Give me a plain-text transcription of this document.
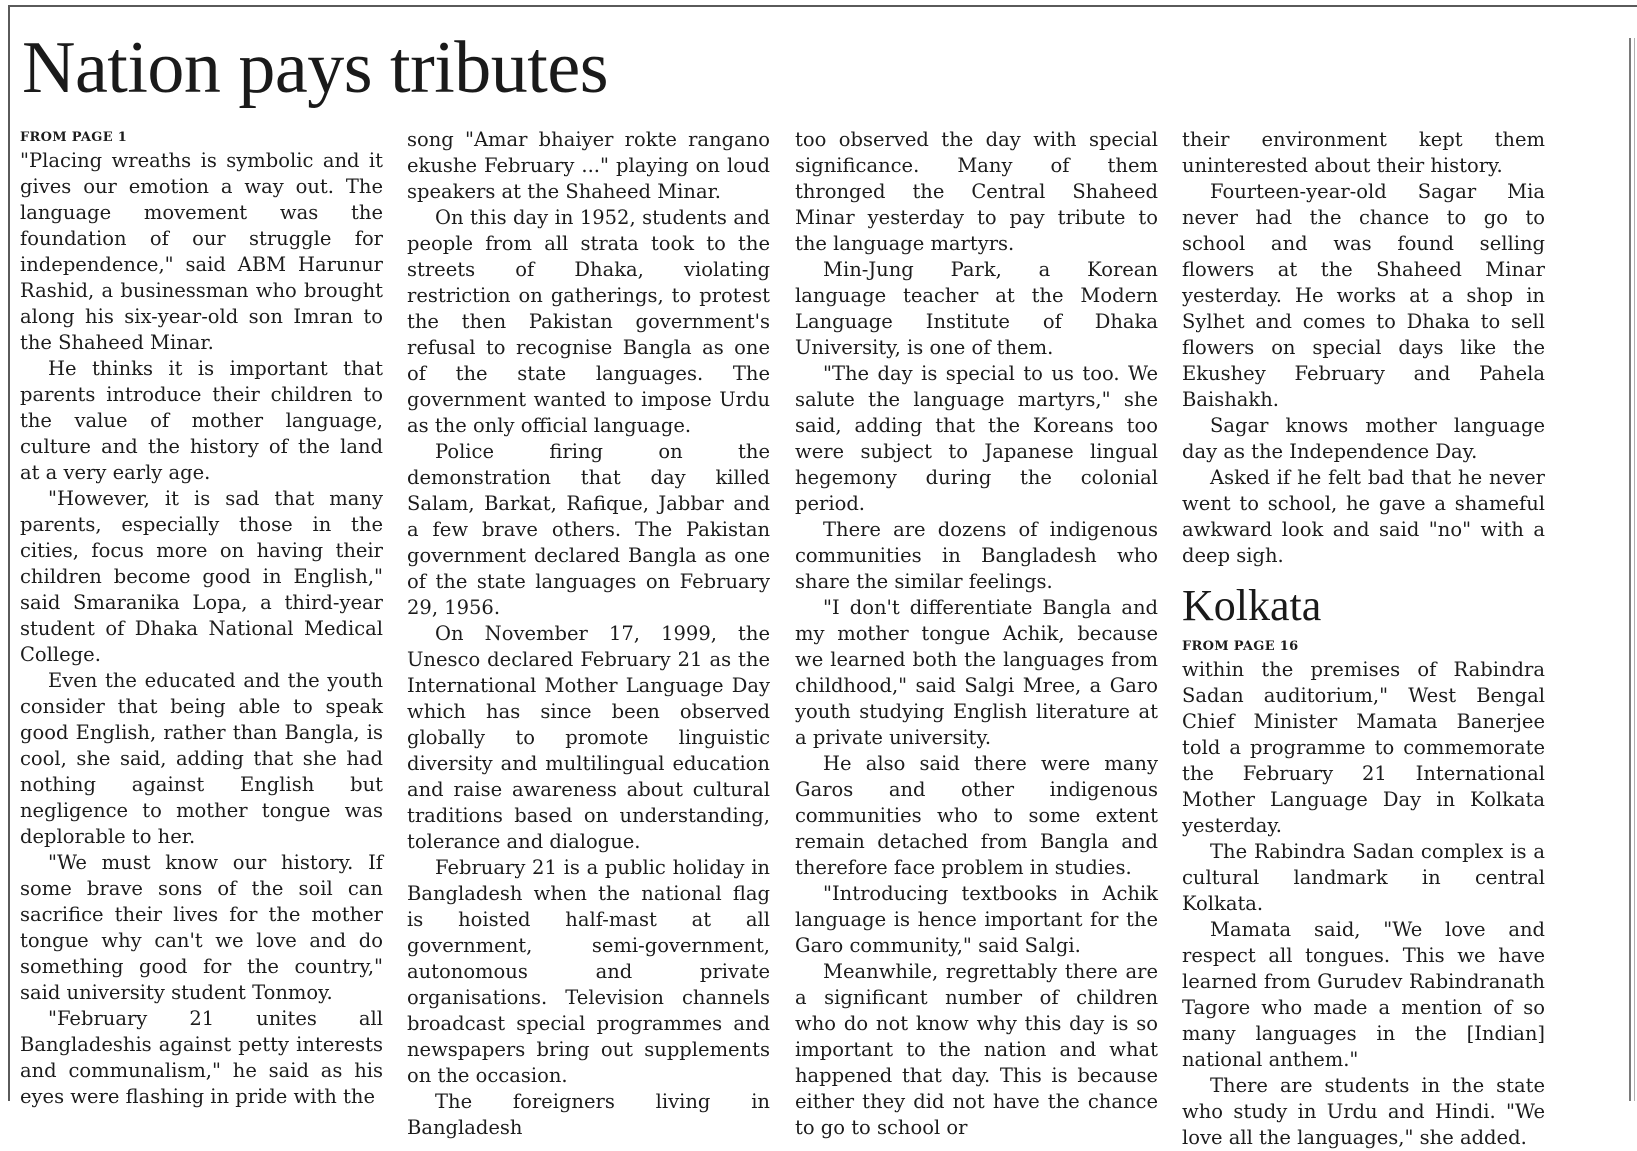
Nation pays tributes
FROM PAGE 1

"Placing wreaths is symbolic and it gives our emotion a way out. The language movement was the foundation of our struggle for independence," said ABM Harunur Rashid, a businessman who brought along his six-year-old son Imran to the Shaheed Minar.

He thinks it is important that parents introduce their children to the value of mother language, culture and the history of the land at a very early age.

"However, it is sad that many parents, especially those in the cities, focus more on having their children become good in English," said Smaranika Lopa, a third-year student of Dhaka National Medical College.

Even the educated and the youth consider that being able to speak good English, rather than Bangla, is cool, she said, adding that she had nothing against English but negligence to mother tongue was deplorable to her.

"We must know our history. If some brave sons of the soil can sacrifice their lives for the mother tongue why can't we love and do something good for the country," said university student Tonmoy.

"February 21 unites all Bangladeshis against petty interests and communalism," he said as his eyes were flashing in pride with the

song "Amar bhaiyer rokte rangano ekushe February ..." playing on loud speakers at the Shaheed Minar.

On this day in 1952, students and people from all strata took to the streets of Dhaka, violating restriction on gatherings, to protest the then Pakistan government's refusal to recognise Bangla as one of the state languages. The government wanted to impose Urdu as the only official language.

Police firing on the demonstration that day killed Salam, Barkat, Rafique, Jabbar and a few brave others. The Pakistan government declared Bangla as one of the state languages on February 29, 1956.

On November 17, 1999, the Unesco declared February 21 as the International Mother Language Day which has since been observed globally to promote linguistic diversity and multilingual education and raise awareness about cultural traditions based on understanding, tolerance and dialogue.

February 21 is a public holiday in Bangladesh when the national flag is hoisted half-mast at all government, semi-government, autonomous and private organisations. Television channels broadcast special programmes and newspapers bring out supplements on the occasion.

The foreigners living in Bangladesh

too observed the day with special significance. Many of them thronged the Central Shaheed Minar yesterday to pay tribute to the language martyrs.

Min-Jung Park, a Korean language teacher at the Modern Language Institute of Dhaka University, is one of them.

"The day is special to us too. We salute the language martyrs," she said, adding that the Koreans too were subject to Japanese lingual hegemony during the colonial period.

There are dozens of indigenous communities in Bangladesh who share the similar feelings.

"I don't differentiate Bangla and my mother tongue Achik, because we learned both the languages from childhood," said Salgi Mree, a Garo youth studying English literature at a private university.

He also said there were many Garos and other indigenous communities who to some extent remain detached from Bangla and therefore face problem in studies.

"Introducing textbooks in Achik language is hence important for the Garo community," said Salgi.

Meanwhile, regrettably there are a significant number of children who do not know why this day is so important to the nation and what happened that day. This is because either they did not have the chance to go to school or

their environment kept them uninterested about their history.

Fourteen-year-old Sagar Mia never had the chance to go to school and was found selling flowers at the Shaheed Minar yesterday. He works at a shop in Sylhet and comes to Dhaka to sell flowers on special days like the Ekushey February and Pahela Baishakh.

Sagar knows mother language day as the Independence Day.

Asked if he felt bad that he never went to school, he gave a shameful awkward look and said "no" with a deep sigh.

Kolkata
FROM PAGE 16

within the premises of Rabindra Sadan auditorium," West Bengal Chief Minister Mamata Banerjee told a programme to commemorate the February 21 International Mother Language Day in Kolkata yesterday.

The Rabindra Sadan complex is a cultural landmark in central Kolkata.

Mamata said, "We love and respect all tongues. This we have learned from Gurudev Rabindranath Tagore who made a mention of so many languages in the [Indian] national anthem."

There are students in the state who study in Urdu and Hindi. "We love all the languages," she added.
